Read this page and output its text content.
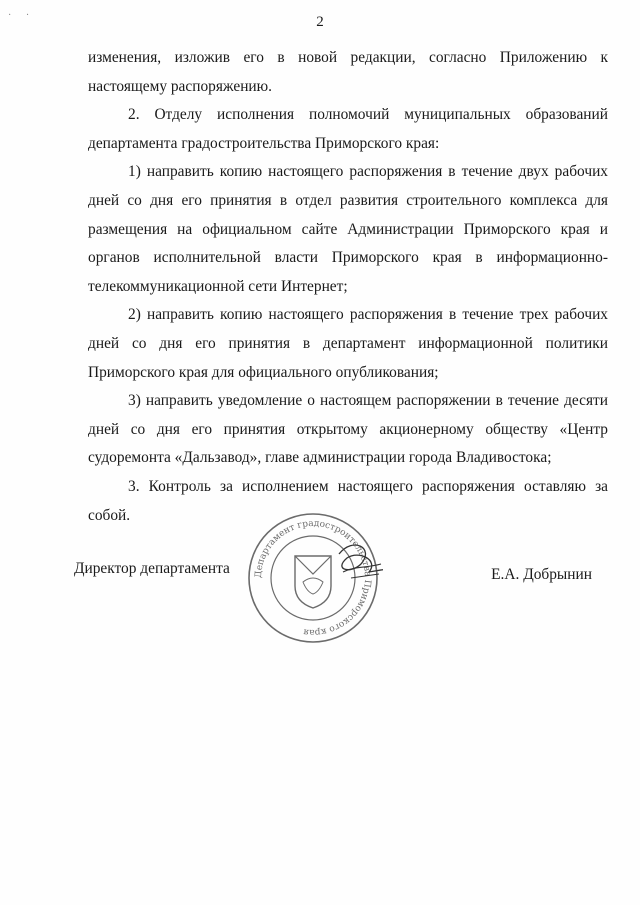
· ·	2

изменения, изложив его в новой редакции, согласно Приложению к настоящему распоряжению.

2. Отделу исполнения полномочий муниципальных образований департамента градостроительства Приморского края:

1) направить копию настоящего распоряжения в течение двух рабочих дней со дня его принятия в отдел развития строительного комплекса для размещения на официальном сайте Администрации Приморского края и органов исполнительной власти Приморского края в информационно-телекоммуникационной сети Интернет;

2) направить копию настоящего распоряжения в течение трех рабочих дней со дня его принятия в департамент информационной политики Приморского края для официального опубликования;

3) направить уведомление о настоящем распоряжении в течение десяти дней со дня его принятия открытому акционерному обществу «Центр судоремонта «Дальзавод», главе администрации города Владивостока;

3. Контроль за исполнением настоящего распоряжения оставляю за собой.

Директор департамента	Е.А. Добрынин
Департамент градостроительства Приморского края
